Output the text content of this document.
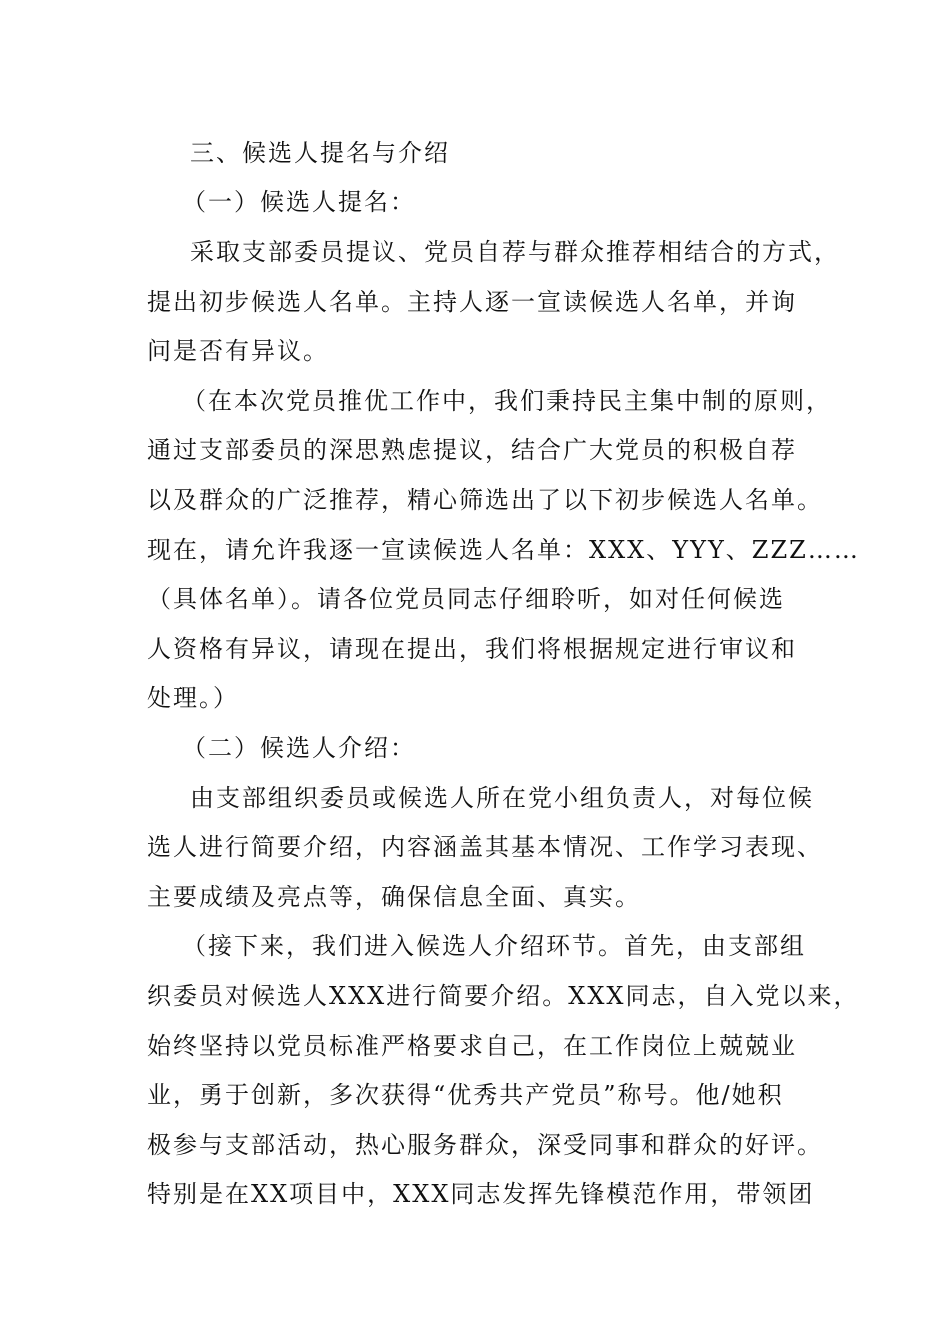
三、候选人提名与介绍
（一）候选人提名：
采取支部委员提议、党员自荐与群众推荐相结合的方式，
提出初步候选人名单。主持人逐一宣读候选人名单，并询
问是否有异议。
（在本次党员推优工作中，我们秉持民主集中制的原则，
通过支部委员的深思熟虑提议，结合广大党员的积极自荐
以及群众的广泛推荐，精心筛选出了以下初步候选人名单。
现在，请允许我逐一宣读候选人名单：XXX、YYY、ZZZ……
（具体名单）。请各位党员同志仔细聆听，如对任何候选
人资格有异议，请现在提出，我们将根据规定进行审议和
处理。）
（二）候选人介绍：
由支部组织委员或候选人所在党小组负责人，对每位候
选人进行简要介绍，内容涵盖其基本情况、工作学习表现、
主要成绩及亮点等，确保信息全面、真实。
（接下来，我们进入候选人介绍环节。首先，由支部组
织委员对候选人XXX进行简要介绍。XXX同志，自入党以来，
始终坚持以党员标准严格要求自己，在工作岗位上兢兢业
业，勇于创新，多次获得“优秀共产党员”称号。他/她积
极参与支部活动，热心服务群众，深受同事和群众的好评。
特别是在XX项目中，XXX同志发挥先锋模范作用，带领团
